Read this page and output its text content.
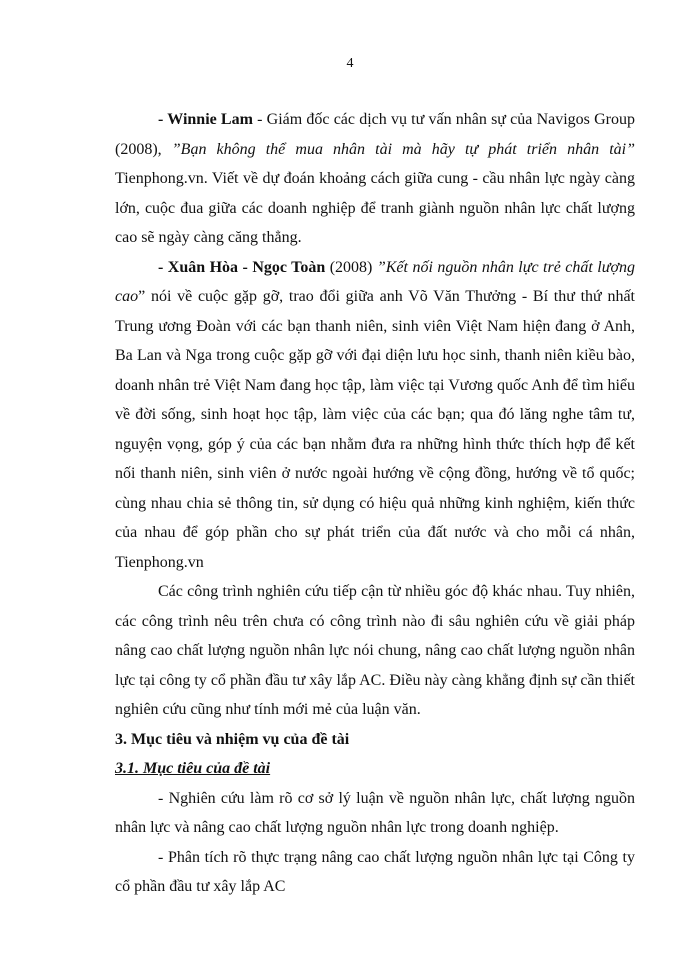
4

- Winnie Lam - Giám đốc các dịch vụ tư vấn nhân sự của Navigos Group (2008), ”Bạn không thể mua nhân tài mà hãy tự phát triển nhân tài” Tienphong.vn. Viết về dự đoán khoảng cách giữa cung - cầu nhân lực ngày càng lớn, cuộc đua giữa các doanh nghiệp để tranh giành nguồn nhân lực chất lượng cao sẽ ngày càng căng thẳng.

- Xuân Hòa - Ngọc Toàn (2008) ”Kết nối nguồn nhân lực trẻ chất lượng cao” nói về cuộc gặp gỡ, trao đổi giữa anh Võ Văn Thưởng - Bí thư thứ nhất Trung ương Đoàn với các bạn thanh niên, sinh viên Việt Nam hiện đang ở Anh, Ba Lan và Nga trong cuộc gặp gỡ với đại diện lưu học sinh, thanh niên kiều bào, doanh nhân trẻ Việt Nam đang học tập, làm việc tại Vương quốc Anh để tìm hiểu về đời sống, sinh hoạt học tập, làm việc của các bạn; qua đó lăng nghe tâm tư, nguyện vọng, góp ý của các bạn nhằm đưa ra những hình thức thích hợp để kết nối thanh niên, sinh viên ở nước ngoài hướng về cộng đồng, hướng về tổ quốc; cùng nhau chia sẻ thông tin, sử dụng có hiệu quả những kinh nghiệm, kiến thức của nhau để góp phần cho sự phát triển của đất nước và cho mỗi cá nhân, Tienphong.vn

Các công trình nghiên cứu tiếp cận từ nhiều góc độ khác nhau. Tuy nhiên, các công trình nêu trên chưa có công trình nào đi sâu nghiên cứu về giải pháp nâng cao chất lượng nguồn nhân lực nói chung, nâng cao chất lượng nguồn nhân lực tại công ty cổ phần đầu tư xây lắp AC. Điều này càng khẳng định sự cần thiết nghiên cứu cũng như tính mới mẻ của luận văn.

3. Mục tiêu và nhiệm vụ của đề tài

3.1. Mục tiêu của đề tài

- Nghiên cứu làm rõ cơ sở lý luận về nguồn nhân lực, chất lượng nguồn nhân lực và nâng cao chất lượng nguồn nhân lực trong doanh nghiệp.

- Phân tích rõ thực trạng nâng cao chất lượng nguồn nhân lực tại Công ty cổ phần đầu tư xây lắp AC
